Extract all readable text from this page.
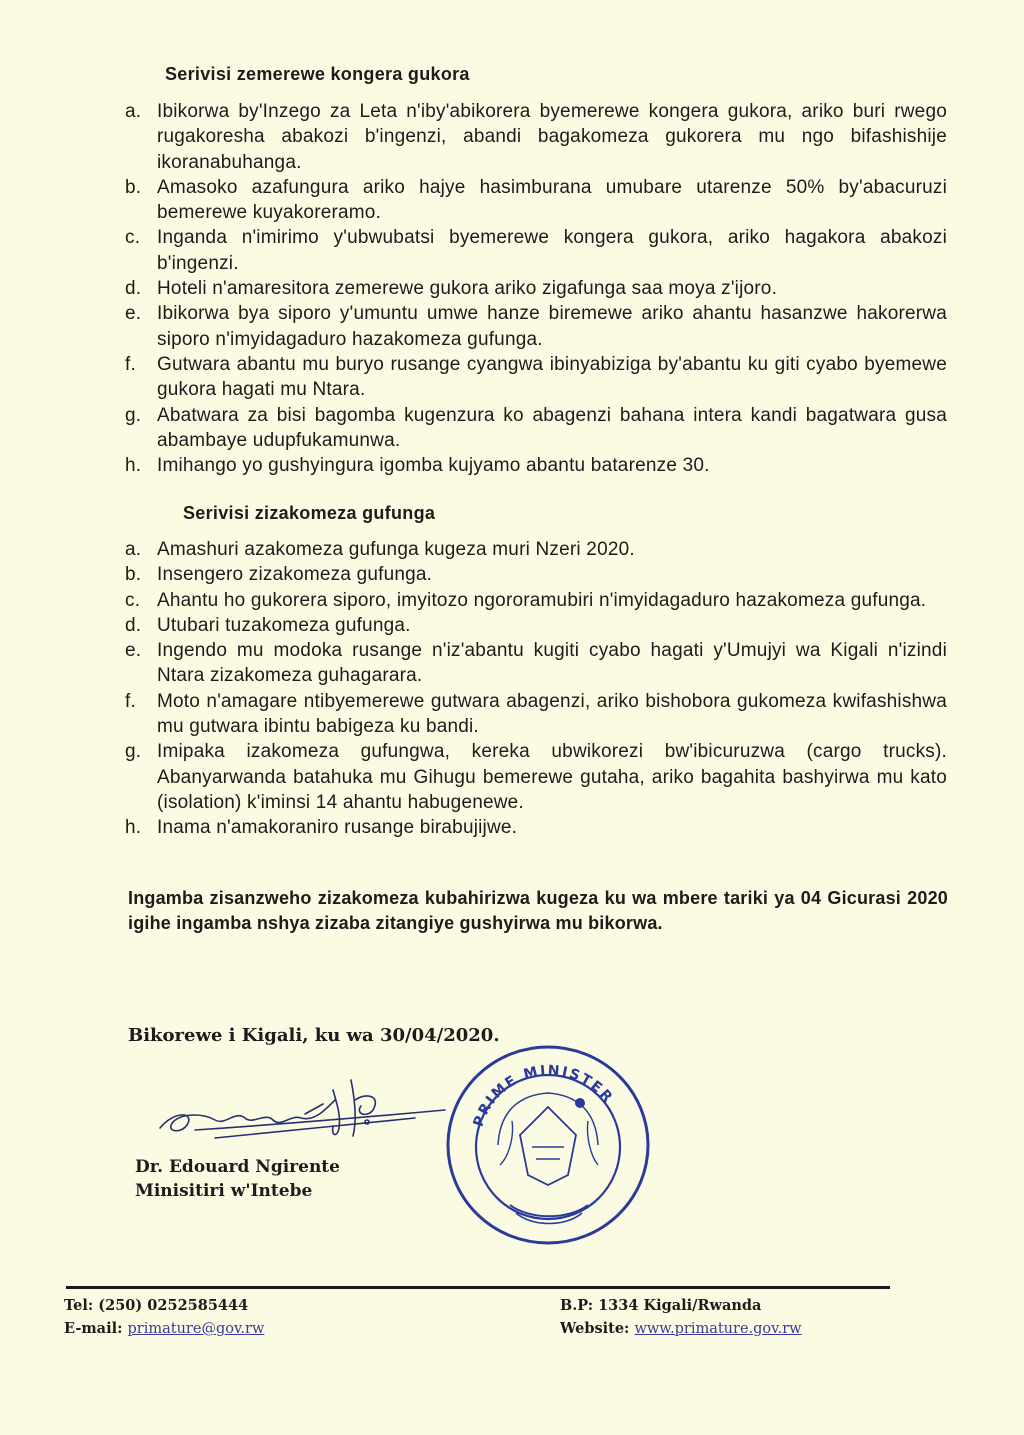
Serivisi zemerewe kongera gukora
a. Ibikorwa by'Inzego za Leta n'iby'abikorera byemerewe kongera gukora, ariko buri rwego rugakoresha abakozi b'ingenzi, abandi bagakomeza gukorera mu ngo bifashishije ikoranabuhanga.
b. Amasoko azafungura ariko hajye hasimburana umubare utarenze 50% by'abacuruzi bemerewe kuyakoreramo.
c. Inganda n'imirimo y'ubwubatsi byemerewe kongera gukora, ariko hagakora abakozi b'ingenzi.
d. Hoteli n'amaresitora zemerewe gukora ariko zigafunga saa moya z'ijoro.
e. Ibikorwa bya siporo y'umuntu umwe hanze biremewe ariko ahantu hasanzwe hakorerwa siporo n'imyidagaduro hazakomeza gufunga.
f.	Gutwara abantu mu buryo rusange cyangwa ibinyabiziga by'abantu ku giti cyabo byemewe gukora hagati mu Ntara.
g. Abatwara za bisi bagomba kugenzura ko abagenzi bahana intera kandi bagatwara gusa abambaye udupfukamunwa.
h. Imihango yo gushyingura igomba kujyamo abantu batarenze 30.
Serivisi zizakomeza gufunga
a. Amashuri azakomeza gufunga kugeza muri Nzeri 2020.
b. Insengero zizakomeza gufunga.
c. Ahantu ho gukorera siporo, imyitozo ngororamubiri n'imyidagaduro hazakomeza gufunga.
d. Utubari tuzakomeza gufunga.
e. Ingendo mu modoka rusange n'iz'abantu kugiti cyabo hagati y'Umujyi wa Kigali n'izindi Ntara zizakomeza guhagarara.
f.	Moto n'amagare ntibyemerewe gutwara abagenzi, ariko bishobora gukomeza kwifashishwa mu gutwara ibintu babigeza ku bandi.
g. Imipaka izakomeza gufungwa, kereka ubwikorezi bw'ibicuruzwa (cargo trucks). Abanyarwanda batahuka mu Gihugu bemerewe gutaha, ariko bagahita bashyirwa mu kato (isolation) k'iminsi 14 ahantu habugenewe.
h. Inama n'amakoraniro rusange birabujijwe.
Ingamba zisanzweho zizakomeza kubahirizwa kugeza ku wa mbere tariki ya 04 Gicurasi 2020 igihe ingamba nshya zizaba zitangiye gushyirwa mu bikorwa.
Bikorewe i Kigali, ku wa 30/04/2020.
Dr. Edouard Ngirente
Minisitiri w'Intebe
PRIME MINISTER
Tel: (250) 0252585444
E-mail: primature@gov.rw
B.P: 1334 Kigali/Rwanda
Website: www.primature.gov.rw
